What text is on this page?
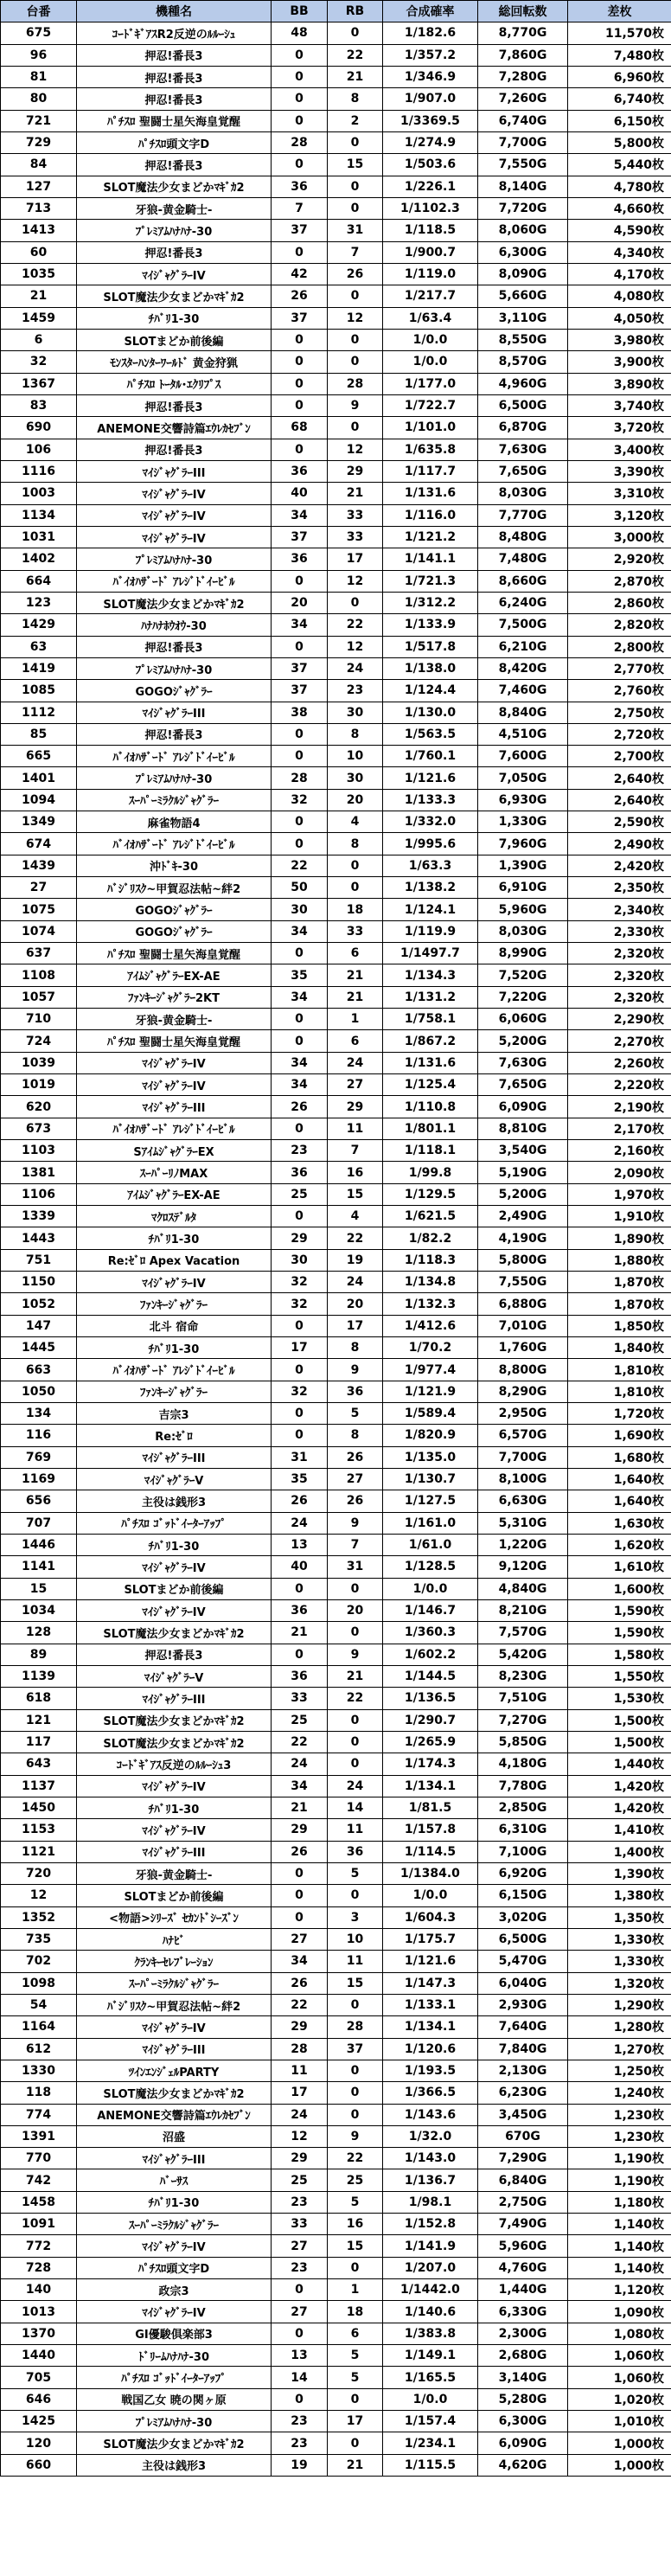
台番	機種名	BB	RB	合成確率	総回転数	差枚
675	ｺｰﾄﾞｷﾞｱｽR2反逆のﾙﾙｰｼｭ	48	0	1/182.6	8,770G	11,570枚
96	押忍!番長3	0	22	1/357.2	7,860G	7,480枚
81	押忍!番長3	0	21	1/346.9	7,280G	6,960枚
80	押忍!番長3	0	8	1/907.0	7,260G	6,740枚
721	ﾊﾟﾁｽﾛ 聖闘士星矢海皇覚醒	0	2	1/3369.5	6,740G	6,150枚
729	ﾊﾟﾁｽﾛ頭文字D	28	0	1/274.9	7,700G	5,800枚
84	押忍!番長3	0	15	1/503.6	7,550G	5,440枚
127	SLOT魔法少女まどかﾏｷﾞｶ2	36	0	1/226.1	8,140G	4,780枚
713	牙狼-黄金騎士-	7	0	1/1102.3	7,720G	4,660枚
1413	ﾌﾟﾚﾐｱﾑﾊﾅﾊﾅ-30	37	31	1/118.5	8,060G	4,590枚
60	押忍!番長3	0	7	1/900.7	6,300G	4,340枚
1035	ﾏｲｼﾞｬｸﾞﾗｰIV	42	26	1/119.0	8,090G	4,170枚
21	SLOT魔法少女まどかﾏｷﾞｶ2	26	0	1/217.7	5,660G	4,080枚
1459	ﾁﾊﾞﾘ1-30	37	12	1/63.4	3,110G	4,050枚
6	SLOTまどか前後編	0	0	1/0.0	8,550G	3,980枚
32	ﾓﾝｽﾀｰﾊﾝﾀｰﾜｰﾙﾄﾞ 黄金狩猟	0	0	1/0.0	8,570G	3,900枚
1367	ﾊﾟﾁｽﾛ ﾄｰﾀﾙ･ｴｸﾘﾌﾟｽ	0	28	1/177.0	4,960G	3,890枚
83	押忍!番長3	0	9	1/722.7	6,500G	3,740枚
690	ANEMONE交響詩篇ｴｳﾚｶｾﾌﾞﾝ	68	0	1/101.0	6,870G	3,720枚
106	押忍!番長3	0	12	1/635.8	7,630G	3,400枚
1116	ﾏｲｼﾞｬｸﾞﾗｰIII	36	29	1/117.7	7,650G	3,390枚
1003	ﾏｲｼﾞｬｸﾞﾗｰIV	40	21	1/131.6	8,030G	3,310枚
1134	ﾏｲｼﾞｬｸﾞﾗｰIV	34	33	1/116.0	7,770G	3,120枚
1031	ﾏｲｼﾞｬｸﾞﾗｰIV	37	33	1/121.2	8,480G	3,000枚
1402	ﾌﾟﾚﾐｱﾑﾊﾅﾊﾅ-30	36	17	1/141.1	7,480G	2,920枚
664	ﾊﾞｲｵﾊｻﾞｰﾄﾞ ｱﾚｼﾞﾄﾞｲｰﾋﾞﾙ	0	12	1/721.3	8,660G	2,870枚
123	SLOT魔法少女まどかﾏｷﾞｶ2	20	0	1/312.2	6,240G	2,860枚
1429	ﾊﾅﾊﾅﾎｳｵｳ-30	34	22	1/133.9	7,500G	2,820枚
63	押忍!番長3	0	12	1/517.8	6,210G	2,800枚
1419	ﾌﾟﾚﾐｱﾑﾊﾅﾊﾅ-30	37	24	1/138.0	8,420G	2,770枚
1085	GOGOｼﾞｬｸﾞﾗｰ	37	23	1/124.4	7,460G	2,760枚
1112	ﾏｲｼﾞｬｸﾞﾗｰIII	38	30	1/130.0	8,840G	2,750枚
85	押忍!番長3	0	8	1/563.5	4,510G	2,720枚
665	ﾊﾞｲｵﾊｻﾞｰﾄﾞ ｱﾚｼﾞﾄﾞｲｰﾋﾞﾙ	0	10	1/760.1	7,600G	2,700枚
1401	ﾌﾟﾚﾐｱﾑﾊﾅﾊﾅ-30	28	30	1/121.6	7,050G	2,640枚
1094	ｽｰﾊﾟｰﾐﾗｸﾙｼﾞｬｸﾞﾗｰ	32	20	1/133.3	6,930G	2,640枚
1349	麻雀物語4	0	4	1/332.0	1,330G	2,590枚
674	ﾊﾞｲｵﾊｻﾞｰﾄﾞ ｱﾚｼﾞﾄﾞｲｰﾋﾞﾙ	0	8	1/995.6	7,960G	2,490枚
1439	沖ﾄﾞｷ-30	22	0	1/63.3	1,390G	2,420枚
27	ﾊﾞｼﾞﾘｽｸ~甲賀忍法帖~絆2	50	0	1/138.2	6,910G	2,350枚
1075	GOGOｼﾞｬｸﾞﾗｰ	30	18	1/124.1	5,960G	2,340枚
1074	GOGOｼﾞｬｸﾞﾗｰ	34	33	1/119.9	8,030G	2,330枚
637	ﾊﾟﾁｽﾛ 聖闘士星矢海皇覚醒	0	6	1/1497.7	8,990G	2,320枚
1108	ｱｲﾑｼﾞｬｸﾞﾗｰEX-AE	35	21	1/134.3	7,520G	2,320枚
1057	ﾌｧﾝｷｰｼﾞｬｸﾞﾗｰ2KT	34	21	1/131.2	7,220G	2,320枚
710	牙狼-黄金騎士-	0	1	1/758.1	6,060G	2,290枚
724	ﾊﾟﾁｽﾛ 聖闘士星矢海皇覚醒	0	6	1/867.2	5,200G	2,270枚
1039	ﾏｲｼﾞｬｸﾞﾗｰIV	34	24	1/131.6	7,630G	2,260枚
1019	ﾏｲｼﾞｬｸﾞﾗｰIV	34	27	1/125.4	7,650G	2,220枚
620	ﾏｲｼﾞｬｸﾞﾗｰIII	26	29	1/110.8	6,090G	2,190枚
673	ﾊﾞｲｵﾊｻﾞｰﾄﾞ ｱﾚｼﾞﾄﾞｲｰﾋﾞﾙ	0	11	1/801.1	8,810G	2,170枚
1103	SｱｲﾑｼﾞｬｸﾞﾗｰEX	23	7	1/118.1	3,540G	2,160枚
1381	ｽｰﾊﾟｰﾘﾉMAX	36	16	1/99.8	5,190G	2,090枚
1106	ｱｲﾑｼﾞｬｸﾞﾗｰEX-AE	25	15	1/129.5	5,200G	1,970枚
1339	ﾏｸﾛｽﾃﾞﾙﾀ	0	4	1/621.5	2,490G	1,910枚
1443	ﾁﾊﾞﾘ1-30	29	22	1/82.2	4,190G	1,890枚
751	Re:ｾﾞﾛ Apex Vacation	30	19	1/118.3	5,800G	1,880枚
1150	ﾏｲｼﾞｬｸﾞﾗｰIV	32	24	1/134.8	7,550G	1,870枚
1052	ﾌｧﾝｷｰｼﾞｬｸﾞﾗｰ	32	20	1/132.3	6,880G	1,870枚
147	北斗 宿命	0	17	1/412.6	7,010G	1,850枚
1445	ﾁﾊﾞﾘ1-30	17	8	1/70.2	1,760G	1,840枚
663	ﾊﾞｲｵﾊｻﾞｰﾄﾞ ｱﾚｼﾞﾄﾞｲｰﾋﾞﾙ	0	9	1/977.4	8,800G	1,810枚
1050	ﾌｧﾝｷｰｼﾞｬｸﾞﾗｰ	32	36	1/121.9	8,290G	1,810枚
134	吉宗3	0	5	1/589.4	2,950G	1,720枚
116	Re:ｾﾞﾛ	0	8	1/820.9	6,570G	1,690枚
769	ﾏｲｼﾞｬｸﾞﾗｰIII	31	26	1/135.0	7,700G	1,680枚
1169	ﾏｲｼﾞｬｸﾞﾗｰV	35	27	1/130.7	8,100G	1,640枚
656	主役は銭形3	26	26	1/127.5	6,630G	1,640枚
707	ﾊﾟﾁｽﾛ ｺﾞｯﾄﾞｲｰﾀｰｱｯﾌﾟ	24	9	1/161.0	5,310G	1,630枚
1446	ﾁﾊﾞﾘ1-30	13	7	1/61.0	1,220G	1,620枚
1141	ﾏｲｼﾞｬｸﾞﾗｰIV	40	31	1/128.5	9,120G	1,610枚
15	SLOTまどか前後編	0	0	1/0.0	4,840G	1,600枚
1034	ﾏｲｼﾞｬｸﾞﾗｰIV	36	20	1/146.7	8,210G	1,590枚
128	SLOT魔法少女まどかﾏｷﾞｶ2	21	0	1/360.3	7,570G	1,590枚
89	押忍!番長3	0	9	1/602.2	5,420G	1,580枚
1139	ﾏｲｼﾞｬｸﾞﾗｰV	36	21	1/144.5	8,230G	1,550枚
618	ﾏｲｼﾞｬｸﾞﾗｰIII	33	22	1/136.5	7,510G	1,530枚
121	SLOT魔法少女まどかﾏｷﾞｶ2	25	0	1/290.7	7,270G	1,500枚
117	SLOT魔法少女まどかﾏｷﾞｶ2	22	0	1/265.9	5,850G	1,500枚
643	ｺｰﾄﾞｷﾞｱｽ反逆のﾙﾙｰｼｭ3	24	0	1/174.3	4,180G	1,440枚
1137	ﾏｲｼﾞｬｸﾞﾗｰIV	34	24	1/134.1	7,780G	1,420枚
1450	ﾁﾊﾞﾘ1-30	21	14	1/81.5	2,850G	1,420枚
1153	ﾏｲｼﾞｬｸﾞﾗｰIV	29	11	1/157.8	6,310G	1,410枚
1121	ﾏｲｼﾞｬｸﾞﾗｰIII	26	36	1/114.5	7,100G	1,400枚
720	牙狼-黄金騎士-	0	5	1/1384.0	6,920G	1,390枚
12	SLOTまどか前後編	0	0	1/0.0	6,150G	1,380枚
1352	<物語>ｼﾘｰｽﾞ ｾｶﾝﾄﾞｼｰｽﾞﾝ	0	3	1/604.3	3,020G	1,350枚
735	ﾊﾅﾋﾞ	27	10	1/175.7	6,500G	1,330枚
702	ｸﾗﾝｷｰｾﾚﾌﾞﾚｰｼｮﾝ	34	11	1/121.6	5,470G	1,330枚
1098	ｽｰﾊﾟｰﾐﾗｸﾙｼﾞｬｸﾞﾗｰ	26	15	1/147.3	6,040G	1,320枚
54	ﾊﾞｼﾞﾘｽｸ~甲賀忍法帖~絆2	22	0	1/133.1	2,930G	1,290枚
1164	ﾏｲｼﾞｬｸﾞﾗｰIV	29	28	1/134.1	7,640G	1,280枚
612	ﾏｲｼﾞｬｸﾞﾗｰIII	28	37	1/120.6	7,840G	1,270枚
1330	ﾂｲﾝｴﾝｼﾞｪﾙPARTY	11	0	1/193.5	2,130G	1,250枚
118	SLOT魔法少女まどかﾏｷﾞｶ2	17	0	1/366.5	6,230G	1,240枚
774	ANEMONE交響詩篇ｴｳﾚｶｾﾌﾞﾝ	24	0	1/143.6	3,450G	1,230枚
1391	沼盛	12	9	1/32.0	670G	1,230枚
770	ﾏｲｼﾞｬｸﾞﾗｰIII	29	22	1/143.0	7,290G	1,190枚
742	ﾊﾞｰｻｽ	25	25	1/136.7	6,840G	1,190枚
1458	ﾁﾊﾞﾘ1-30	23	5	1/98.1	2,750G	1,180枚
1091	ｽｰﾊﾟｰﾐﾗｸﾙｼﾞｬｸﾞﾗｰ	33	16	1/152.8	7,490G	1,140枚
772	ﾏｲｼﾞｬｸﾞﾗｰIV	27	15	1/141.9	5,960G	1,140枚
728	ﾊﾟﾁｽﾛ頭文字D	23	0	1/207.0	4,760G	1,140枚
140	政宗3	0	1	1/1442.0	1,440G	1,120枚
1013	ﾏｲｼﾞｬｸﾞﾗｰIV	27	18	1/140.6	6,330G	1,090枚
1370	GI優駿倶楽部3	0	6	1/383.8	2,300G	1,080枚
1440	ﾄﾞﾘｰﾑﾊﾅﾊﾅ-30	13	5	1/149.1	2,680G	1,060枚
705	ﾊﾟﾁｽﾛ ｺﾞｯﾄﾞｲｰﾀｰｱｯﾌﾟ	14	5	1/165.5	3,140G	1,060枚
646	戦国乙女 暁の関ヶ原	0	0	1/0.0	5,280G	1,020枚
1425	ﾌﾟﾚﾐｱﾑﾊﾅﾊﾅ-30	23	17	1/157.4	6,300G	1,010枚
120	SLOT魔法少女まどかﾏｷﾞｶ2	23	0	1/234.1	6,090G	1,000枚
660	主役は銭形3	19	21	1/115.5	4,620G	1,000枚
